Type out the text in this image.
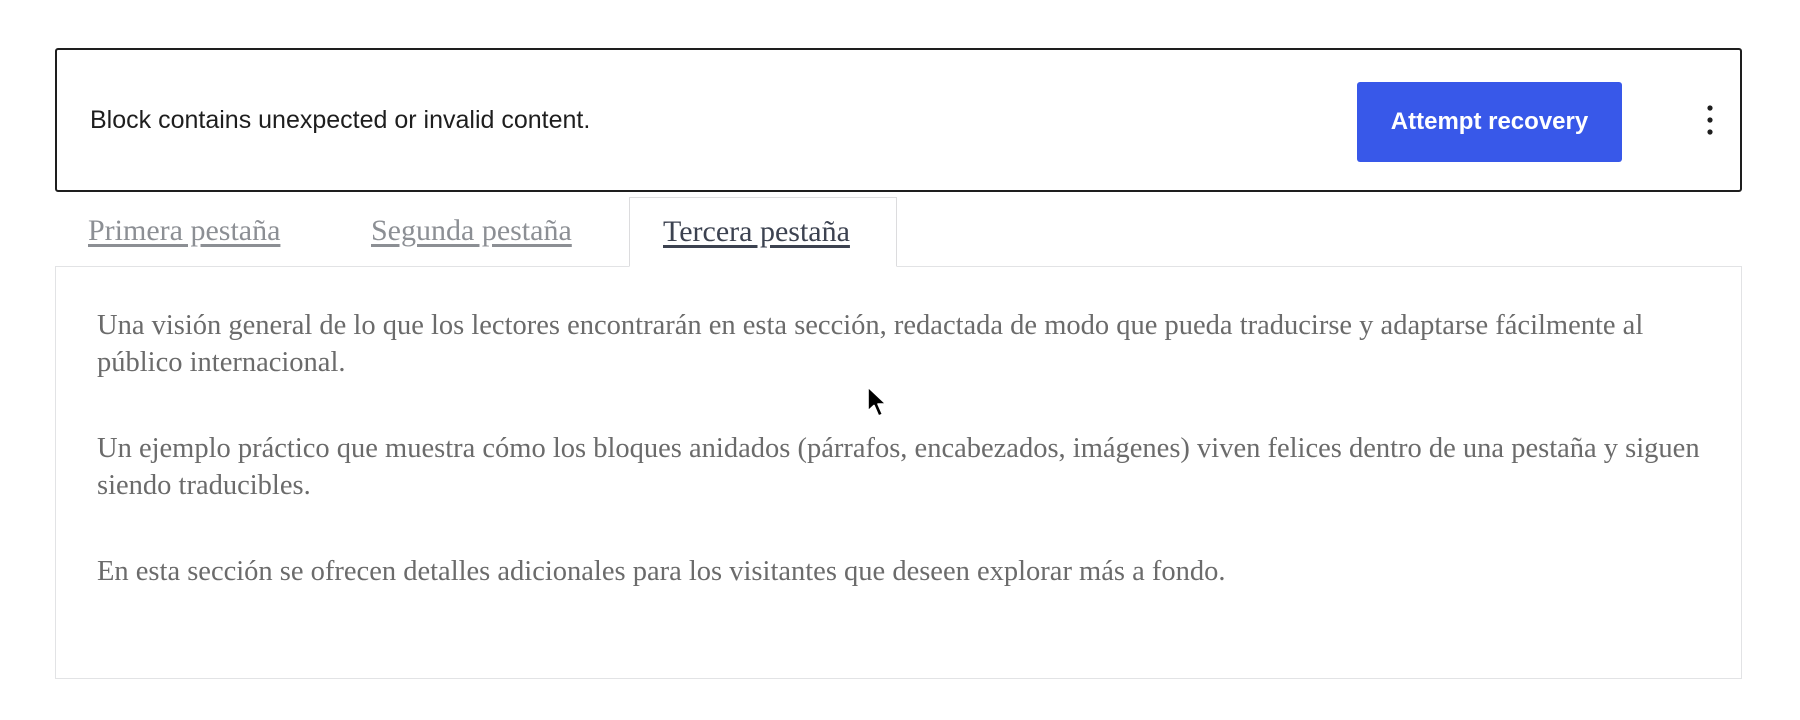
Block contains unexpected or invalid content.	Attempt recovery
Primera pestaña	Segunda pestaña	Tercera pestaña

Una visión general de lo que los lectores encontrarán en esta sección, redactada de modo que pueda traducirse y adaptarse fácilmente al público internacional.

Un ejemplo práctico que muestra cómo los bloques anidados (párrafos, encabezados, imágenes) viven felices dentro de una pestaña y siguen siendo traducibles.

En esta sección se ofrecen detalles adicionales para los visitantes que deseen explorar más a fondo.
